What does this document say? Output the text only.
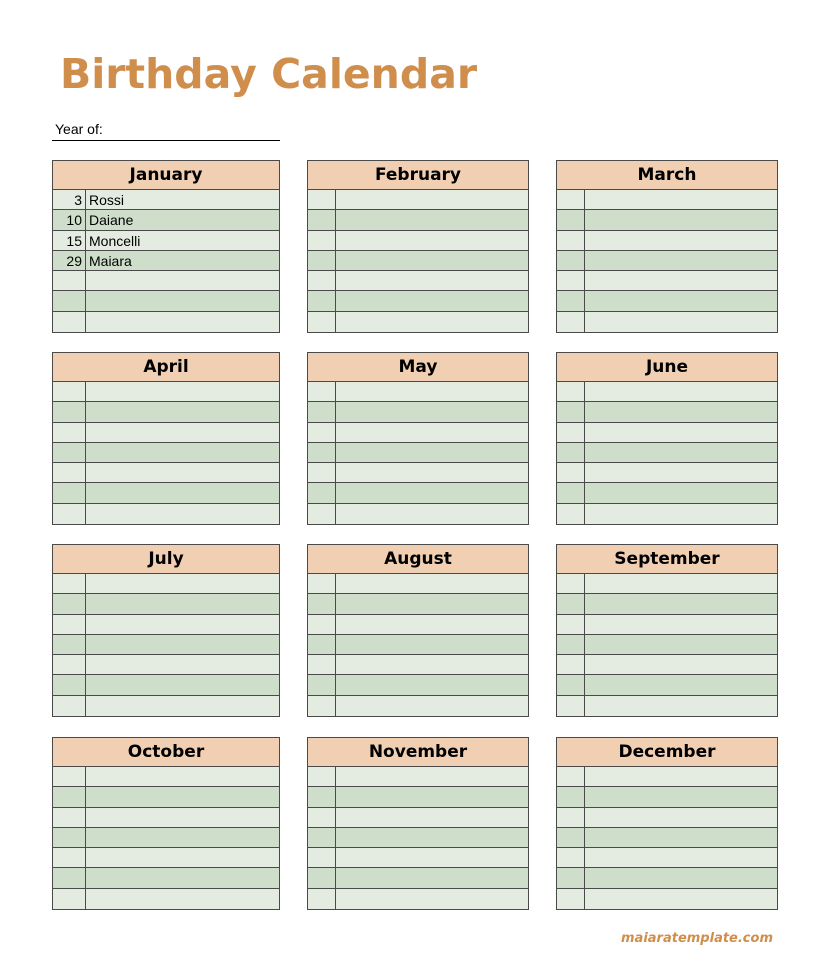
Birthday Calendar
Year of:
January
3 Rossi
10 Daiane
15 Moncelli
29 Maiara
February	March
April	May	June
July	August	September
October	November	December
maiaratemplate.com
